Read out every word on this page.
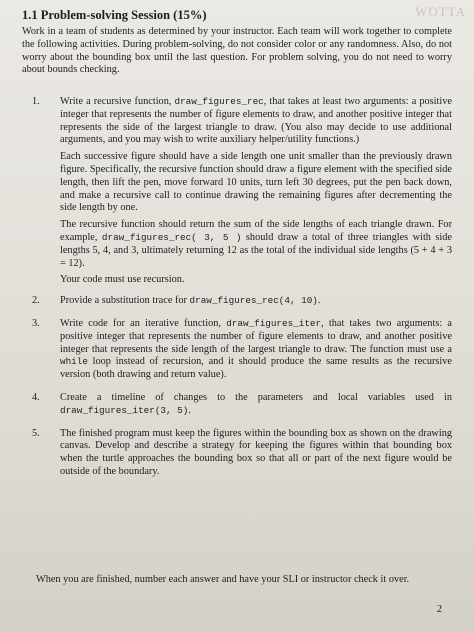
WOTTA
1.1 Problem-solving Session (15%)

Work in a team of students as determined by your instructor. Each team will work together to complete the following activities. During problem-solving, do not consider color or any randomness. Also, do not worry about the bounding box until the last question. For problem solving, you do not need to worry about bounds checking.

1. Write a recursive function, draw_figures_rec, that takes at least two arguments: a positive integer that represents the number of figure elements to draw, and another positive integer that represents the side of the largest triangle to draw. (You also may decide to use additional arguments, and you may wish to write auxiliary helper/utility functions.)

Each successive figure should have a side length one unit smaller than the previously drawn figure. Specifically, the recursive function should draw a figure element with the specified side length, then lift the pen, move forward 10 units, turn left 30 degrees, put the pen back down, and make a recursive call to continue drawing the remaining figures after decrementing the side length by one.

The recursive function should return the sum of the side lengths of each triangle drawn. For example, draw_figures_rec( 3, 5 ) should draw a total of three triangles with side lengths 5, 4, and 3, ultimately returning 12 as the total of the individual side lengths (5 + 4 + 3 = 12).

Your code must use recursion.

2. Provide a substitution trace for draw_figures_rec(4, 10).
3. Write code for an iterative function, draw_figures_iter, that takes two arguments: a positive integer that represents the number of figure elements to draw, and another positive integer that represents the side length of the largest triangle to draw. The function must use a while loop instead of recursion, and it should produce the same results as the recursive version (both drawing and return value).
4. Create a timeline of changes to the parameters and local variables used in draw_figures_iter(3, 5).
5. The finished program must keep the figures within the bounding box as shown on the drawing canvas. Develop and describe a strategy for keeping the figures within that bounding box when the turtle approaches the bounding box so that all or part of the next figure would be outside of the boundary.

When you are finished, number each answer and have your SLI or instructor check it over.

2
